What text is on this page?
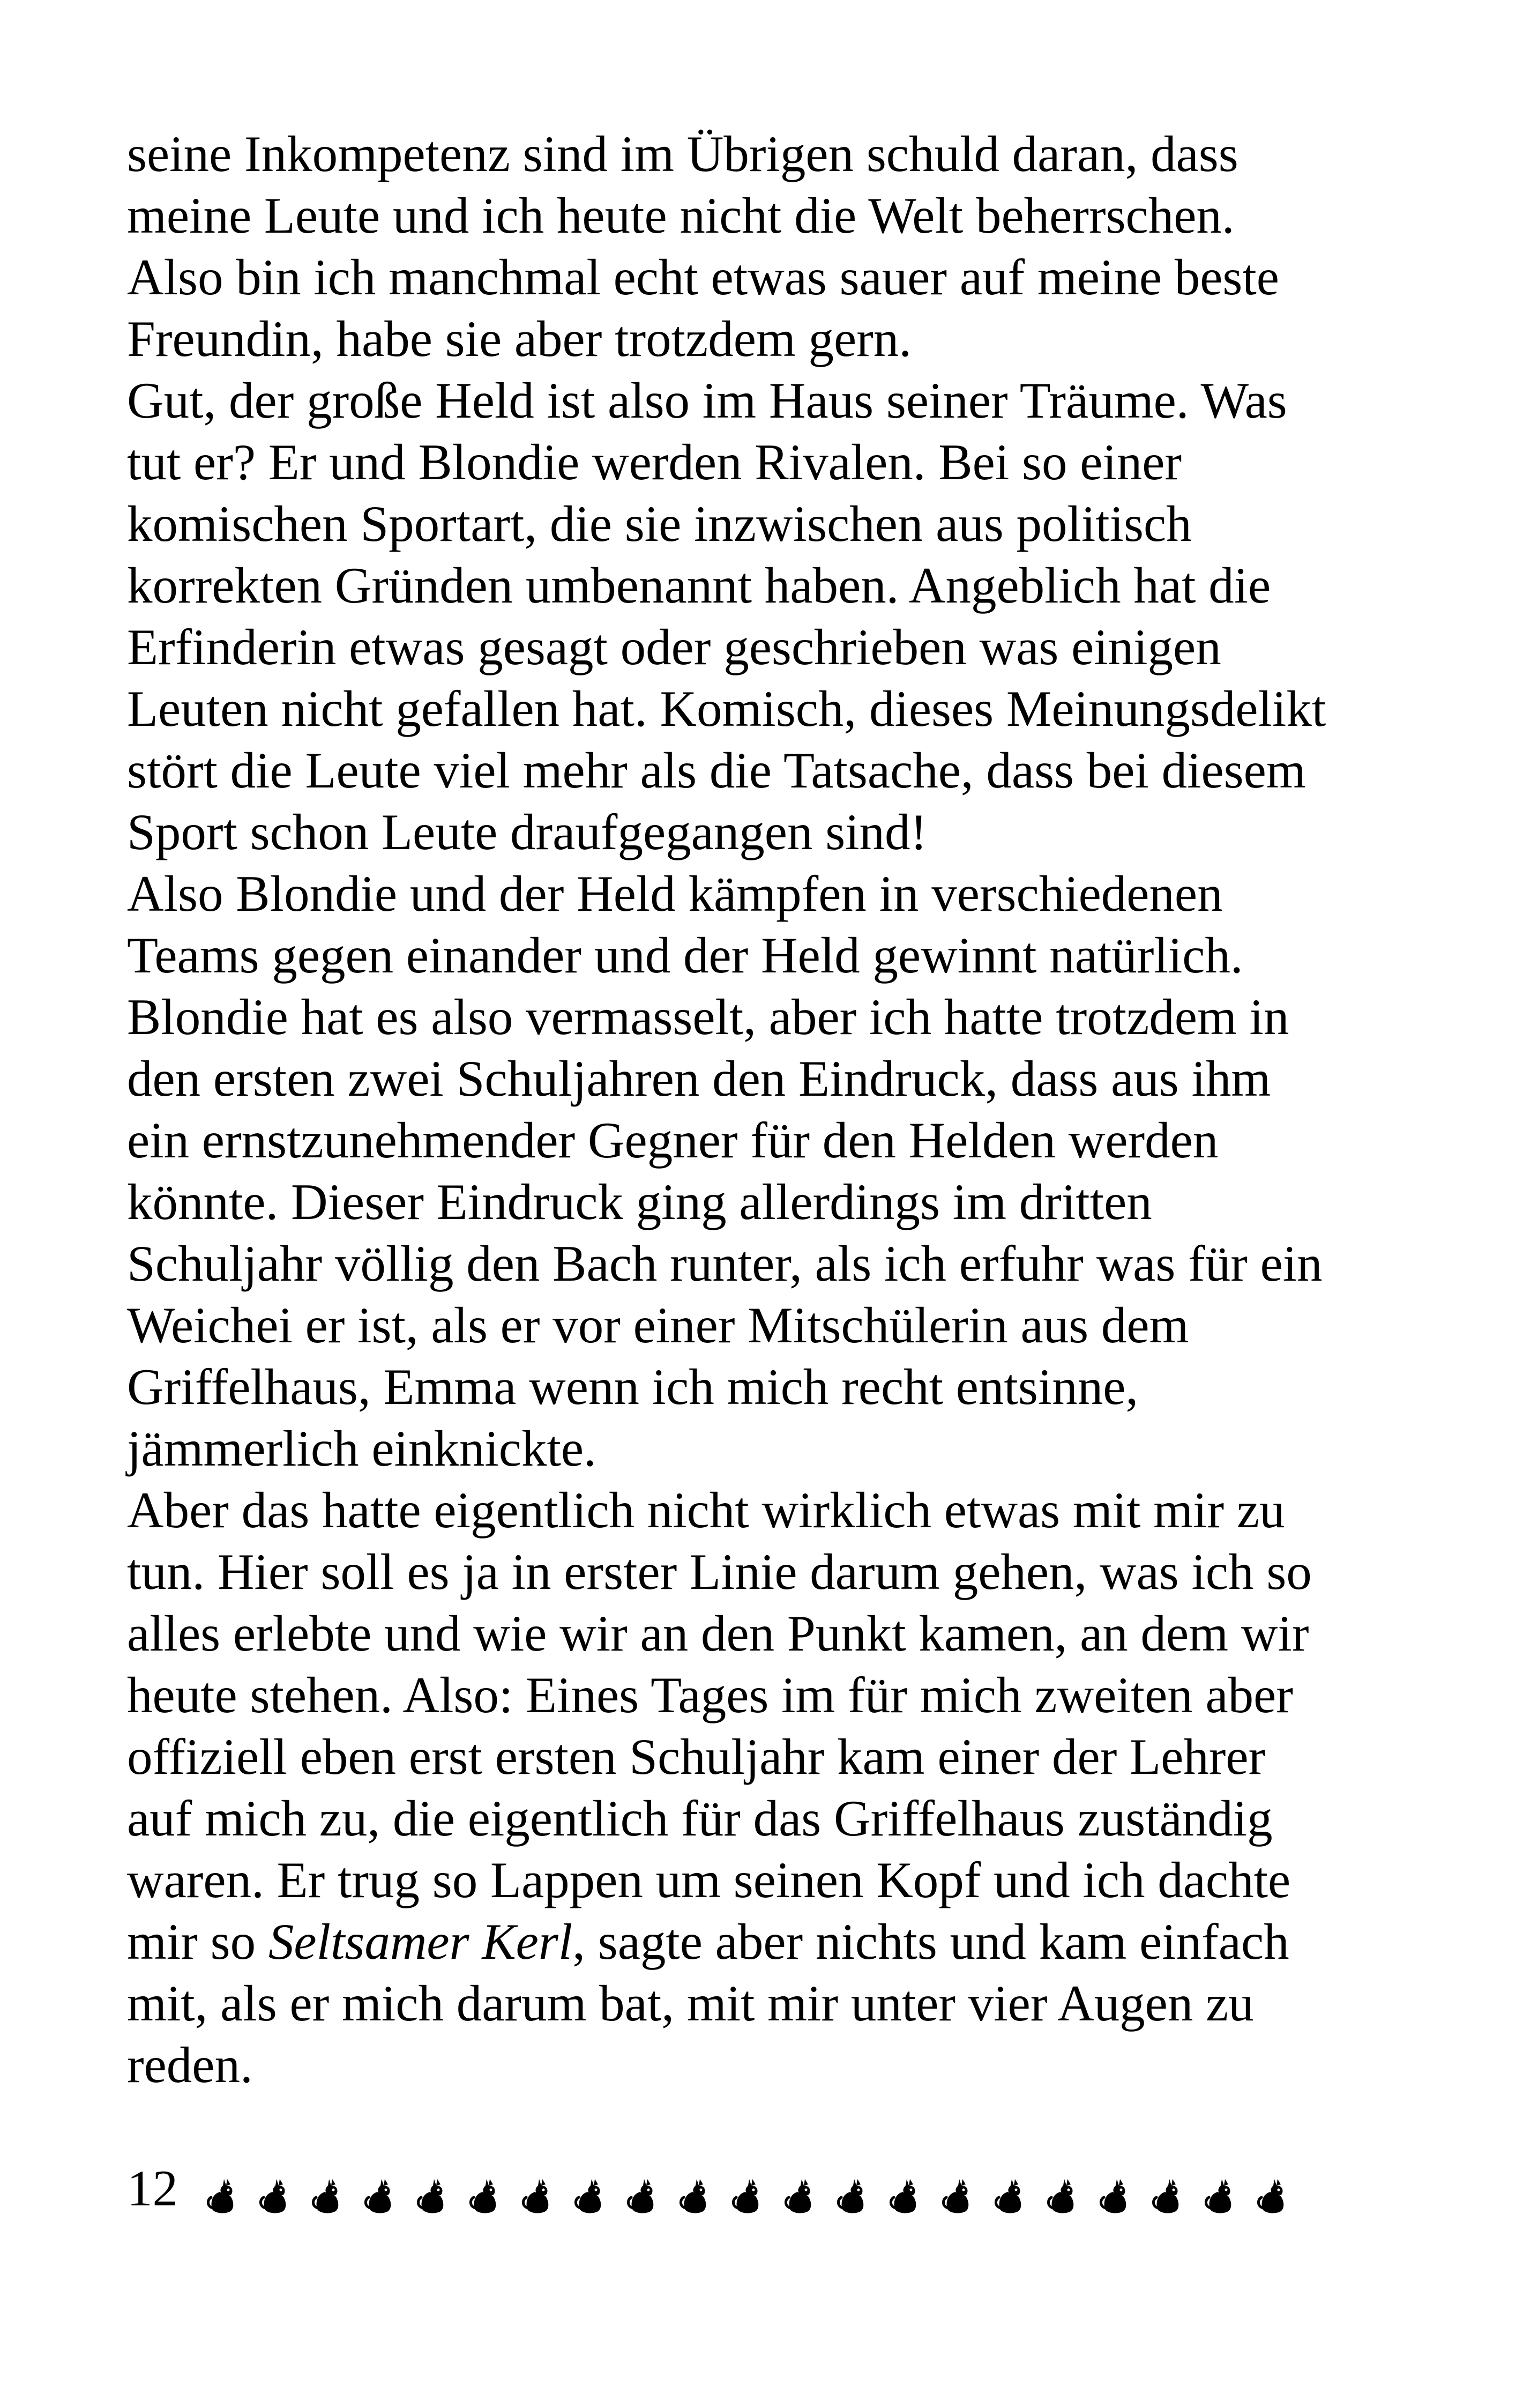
seine Inkompetenz sind im Übrigen schuld daran, dass
meine Leute und ich heute nicht die Welt beherrschen.
Also bin ich manchmal echt etwas sauer auf meine beste
Freundin, habe sie aber trotzdem gern.
Gut, der große Held ist also im Haus seiner Träume. Was
tut er? Er und Blondie werden Rivalen. Bei so einer
komischen Sportart, die sie inzwischen aus politisch
korrekten Gründen umbenannt haben. Angeblich hat die
Erfinderin etwas gesagt oder geschrieben was einigen
Leuten nicht gefallen hat. Komisch, dieses Meinungsdelikt
stört die Leute viel mehr als die Tatsache, dass bei diesem
Sport schon Leute draufgegangen sind!
Also Blondie und der Held kämpfen in verschiedenen
Teams gegen einander und der Held gewinnt natürlich.
Blondie hat es also vermasselt, aber ich hatte trotzdem in
den ersten zwei Schuljahren den Eindruck, dass aus ihm
ein ernstzunehmender Gegner für den Helden werden
könnte. Dieser Eindruck ging allerdings im dritten
Schuljahr völlig den Bach runter, als ich erfuhr was für ein
Weichei er ist, als er vor einer Mitschülerin aus dem
Griffelhaus, Emma wenn ich mich recht entsinne,
jämmerlich einknickte.
Aber das hatte eigentlich nicht wirklich etwas mit mir zu
tun. Hier soll es ja in erster Linie darum gehen, was ich so
alles erlebte und wie wir an den Punkt kamen, an dem wir
heute stehen. Also: Eines Tages im für mich zweiten aber
offiziell eben erst ersten Schuljahr kam einer der Lehrer
auf mich zu, die eigentlich für das Griffelhaus zuständig
waren. Er trug so Lappen um seinen Kopf und ich dachte
mir so Seltsamer Kerl, sagte aber nichts und kam einfach
mit, als er mich darum bat, mit mir unter vier Augen zu
reden.
12
